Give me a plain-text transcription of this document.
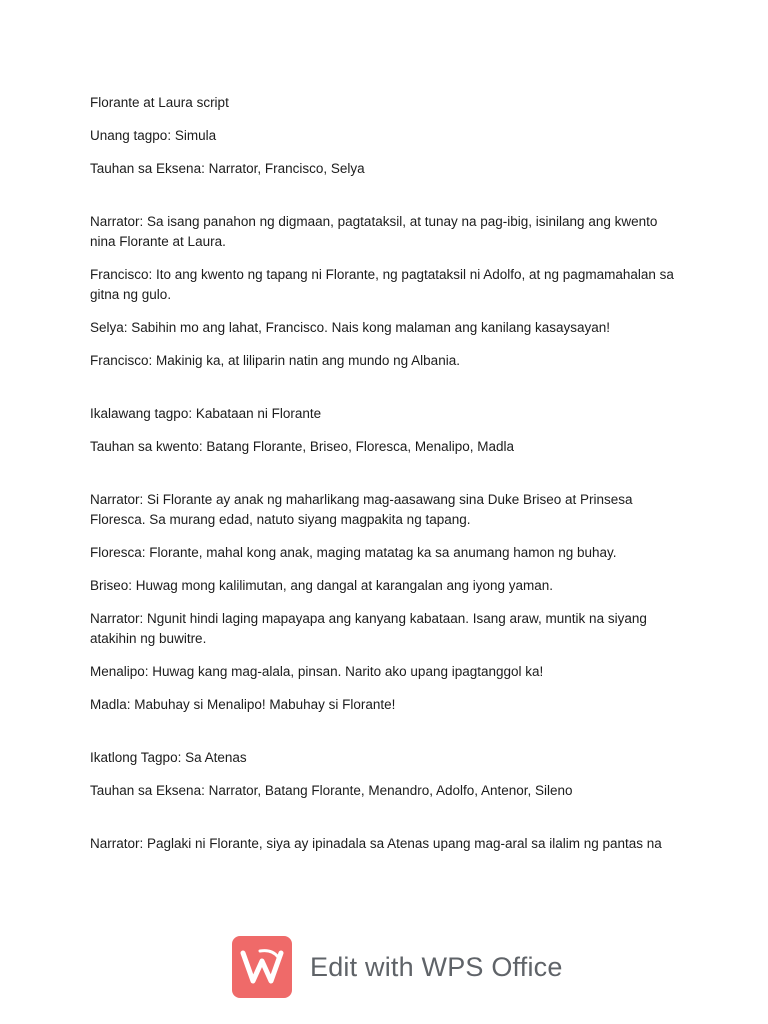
Florante at Laura script

Unang tagpo: Simula

Tauhan sa Eksena: Narrator, Francisco, Selya

Narrator: Sa isang panahon ng digmaan, pagtataksil, at tunay na pag-ibig, isinilang ang kwento nina Florante at Laura.

Francisco: Ito ang kwento ng tapang ni Florante, ng pagtataksil ni Adolfo, at ng pagmamahalan sa gitna ng gulo.

Selya: Sabihin mo ang lahat, Francisco. Nais kong malaman ang kanilang kasaysayan!

Francisco: Makinig ka, at liliparin natin ang mundo ng Albania.

Ikalawang tagpo: Kabataan ni Florante

Tauhan sa kwento: Batang Florante, Briseo, Floresca, Menalipo, Madla

Narrator: Si Florante ay anak ng maharlikang mag-aasawang sina Duke Briseo at Prinsesa Floresca. Sa murang edad, natuto siyang magpakita ng tapang.

Floresca: Florante, mahal kong anak, maging matatag ka sa anumang hamon ng buhay.

Briseo: Huwag mong kalilimutan, ang dangal at karangalan ang iyong yaman.

Narrator: Ngunit hindi laging mapayapa ang kanyang kabataan. Isang araw, muntik na siyang atakihin ng buwitre.

Menalipo: Huwag kang mag-alala, pinsan. Narito ako upang ipagtanggol ka!

Madla: Mabuhay si Menalipo! Mabuhay si Florante!

Ikatlong Tagpo: Sa Atenas

Tauhan sa Eksena: Narrator, Batang Florante, Menandro, Adolfo, Antenor, Sileno

Narrator: Paglaki ni Florante, siya ay ipinadala sa Atenas upang mag-aral sa ilalim ng pantas na

Edit with WPS Office
